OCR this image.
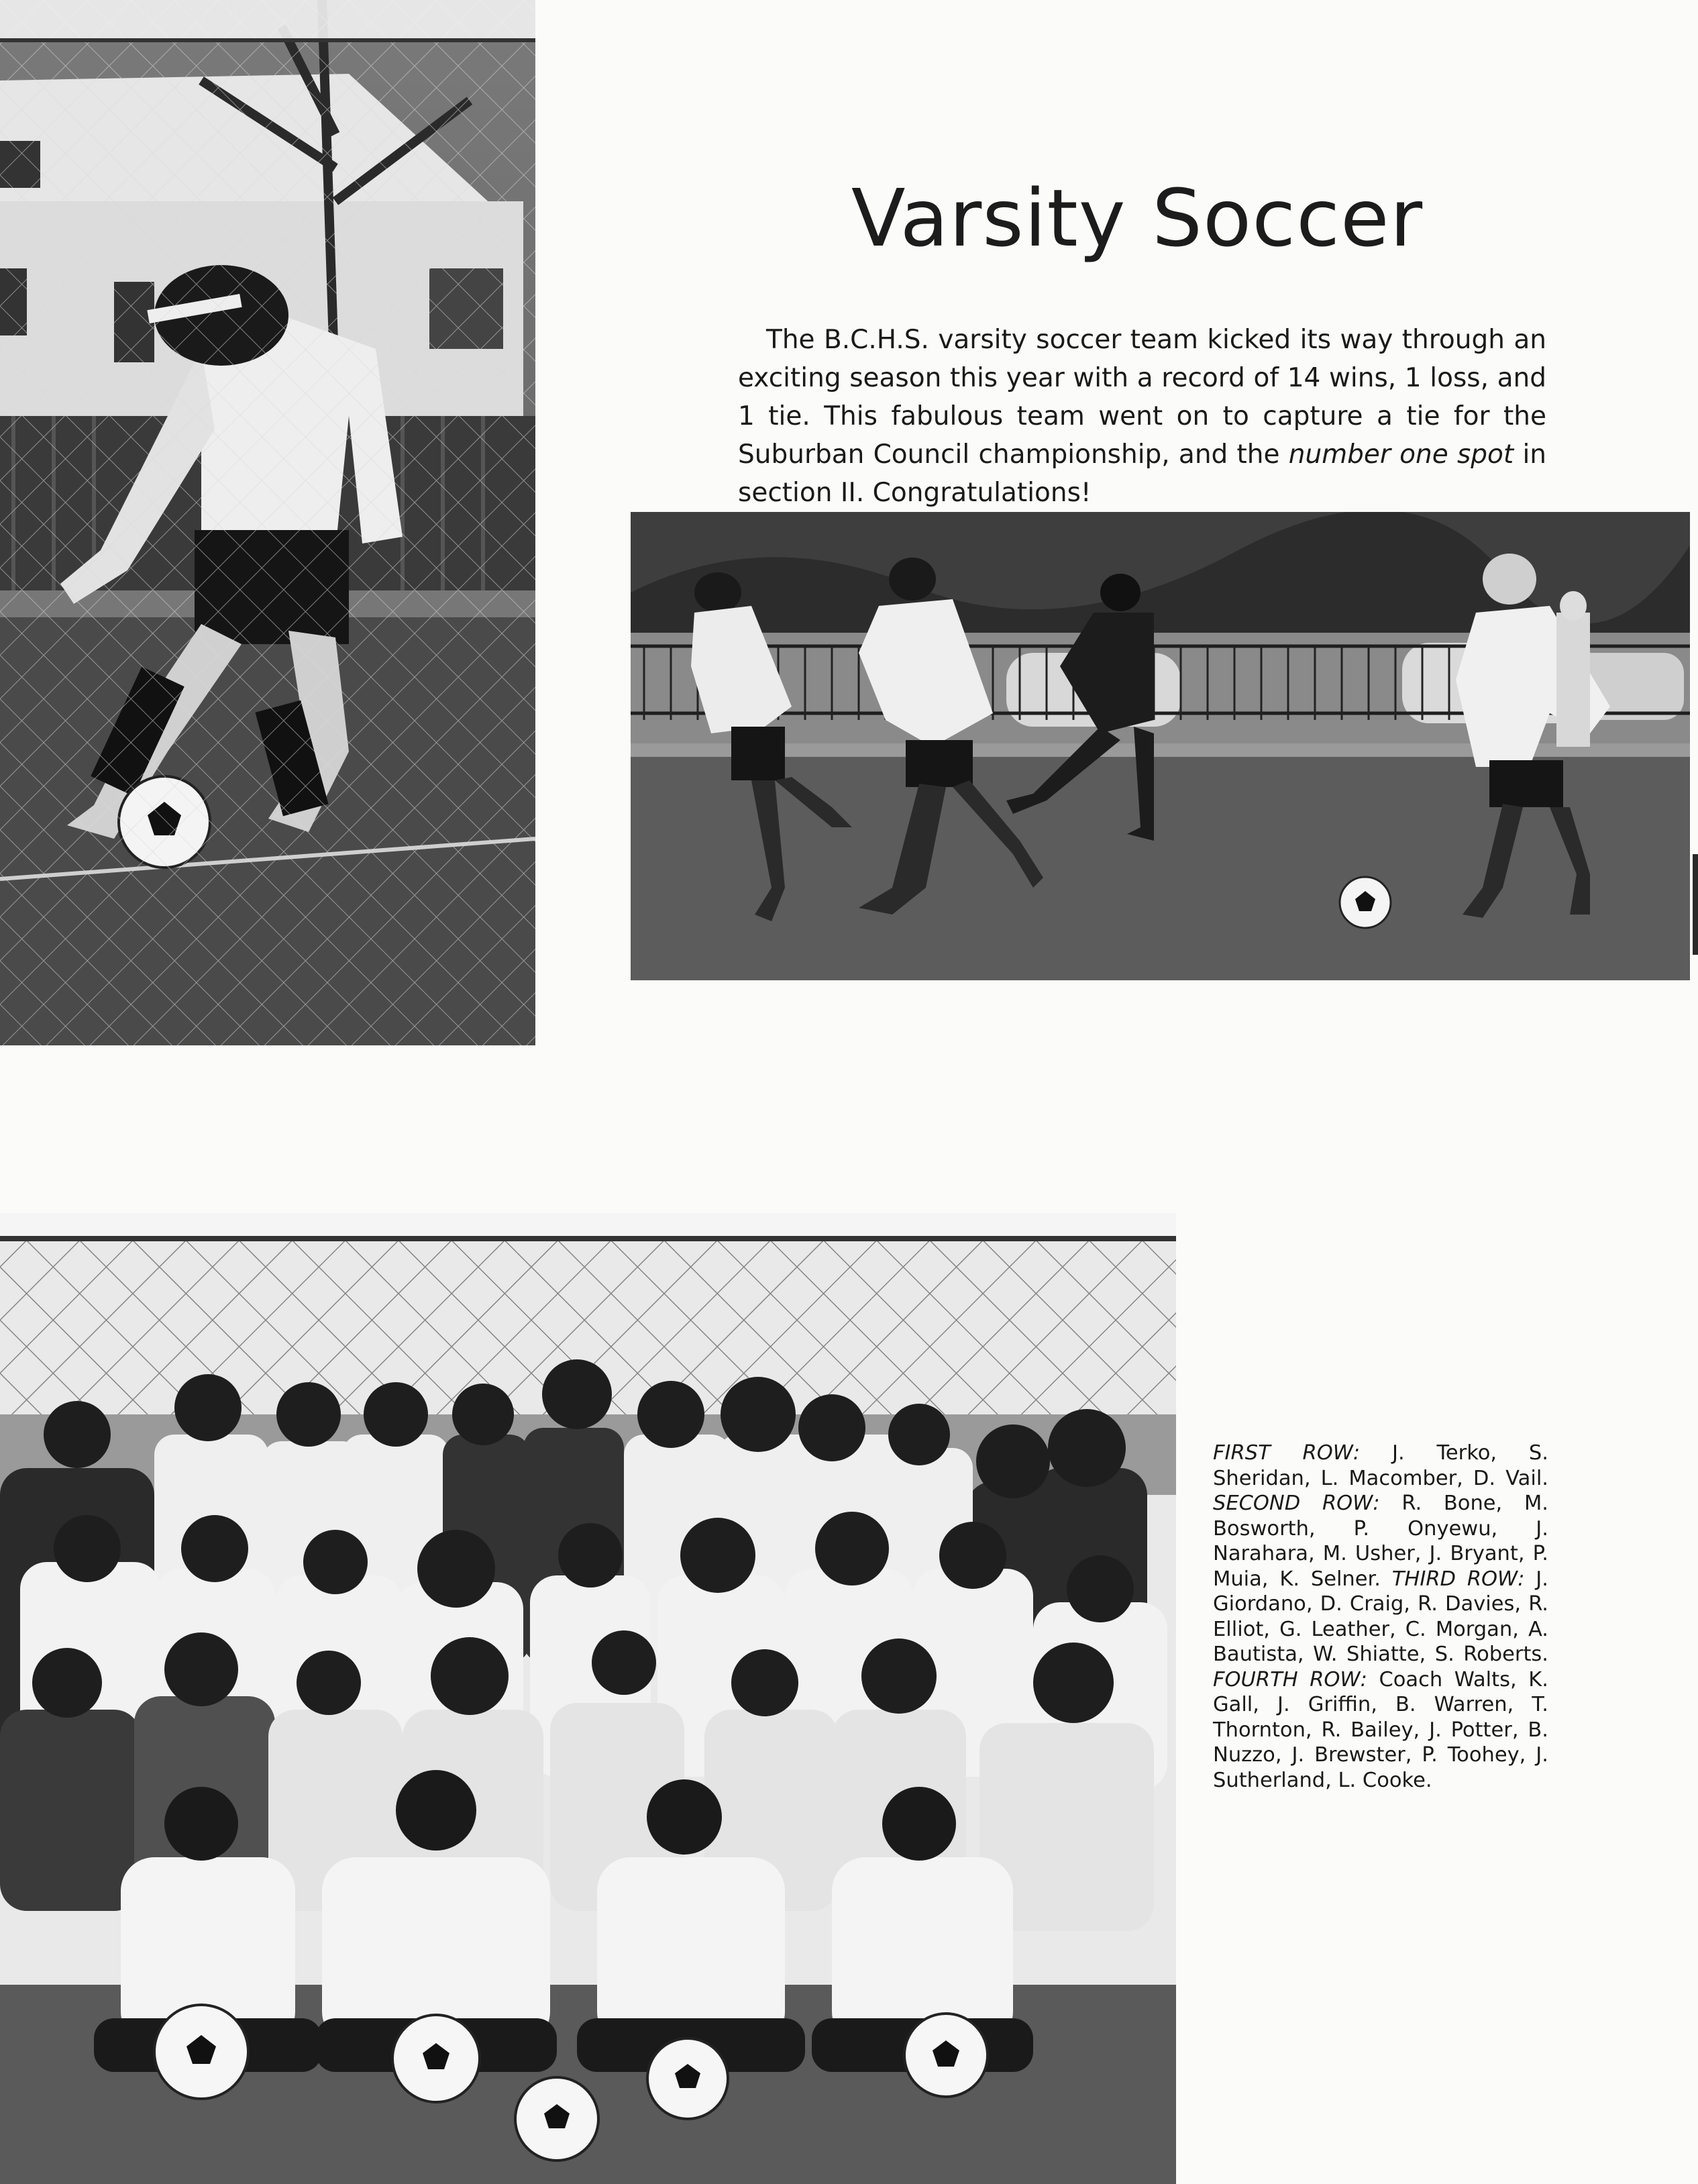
Varsity Soccer

The B.C.H.S. varsity soccer team kicked its way through an exciting season this year with a record of 14 wins, 1 loss, and 1 tie. This fabulous team went on to capture a tie for the Suburban Council championship, and the number one spot in section II. Congratulations!

FIRST ROW: J. Terko, S. Sheridan, L. Macomber, D. Vail. SECOND ROW: R. Bone, M. Bosworth, P. Onyewu, J. Narahara, M. Usher, J. Bryant, P. Muia, K. Selner. THIRD ROW: J. Giordano, D. Craig, R. Davies, R. Elliot, G. Leather, C. Morgan, A. Bautista, W. Shiatte, S. Roberts. FOURTH ROW: Coach Walts, K. Gall, J. Griffin, B. Warren, T. Thornton, R. Bailey, J. Potter, B. Nuzzo, J. Brewster, P. Toohey, J. Sutherland, L. Cooke.
